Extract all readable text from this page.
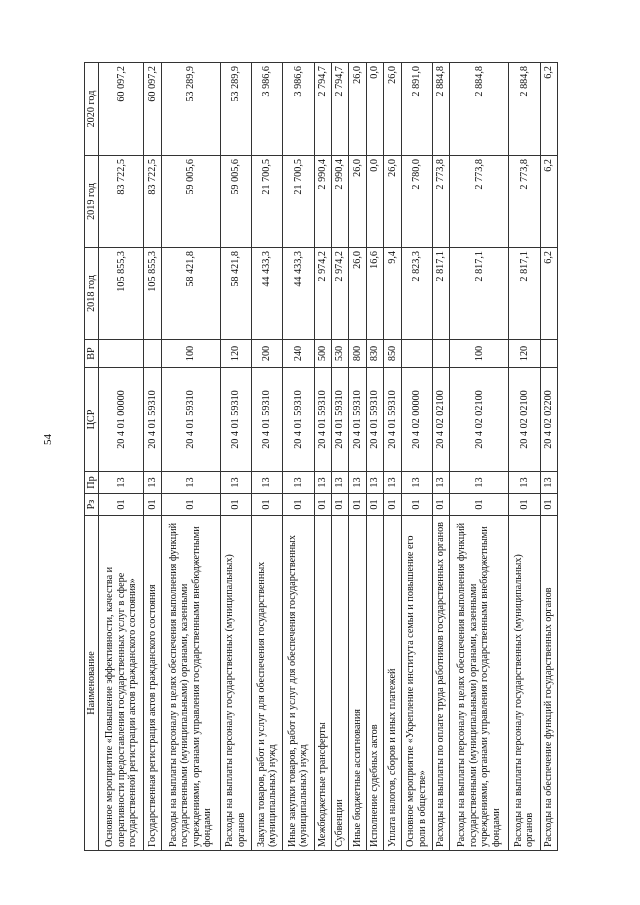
54
Наименование	Рз	Пр	ЦСР	ВР	2018 год	2019 год	2020 год
Основное мероприятие «Повышение эффективности, качества и оперативности предоставления государственных услуг в сфере государственной регистрации актов гражданского состояния»	01	13	20 4 01 00000		105 855,3	83 722,5	60 097,2
Государственная регистрация актов гражданского состояния	01	13	20 4 01 59310		105 855,3	83 722,5	60 097,2
Расходы на выплаты персоналу в целях обеспечения выполнения функций государственными (муниципальными) органами, казенными учреждениями, органами управления государственными внебюджетными фондами	01	13	20 4 01 59310	100	58 421,8	59 005,6	53 289,9
Расходы на выплаты персоналу государственных (муниципальных) органов	01	13	20 4 01 59310	120	58 421,8	59 005,6	53 289,9
Закупка товаров, работ и услуг для обеспечения государственных (муниципальных) нужд	01	13	20 4 01 59310	200	44 433,3	21 700,5	3 986,6
Иные закупки товаров, работ и услуг для обеспечения государственных (муниципальных) нужд	01	13	20 4 01 59310	240	44 433,3	21 700,5	3 986,6
Межбюджетные трансферты	01	13	20 4 01 59310	500	2 974,2	2 990,4	2 794,7
Субвенции	01	13	20 4 01 59310	530	2 974,2	2 990,4	2 794,7
Иные бюджетные ассигнования	01	13	20 4 01 59310	800	26,0	26,0	26,0
Исполнение судебных актов	01	13	20 4 01 59310	830	16,6	0,0	0,0
Уплата налогов, сборов и иных платежей	01	13	20 4 01 59310	850	9,4	26,0	26,0
Основное мероприятие «Укрепление института семьи и повышение его роли в обществе»	01	13	20 4 02 00000		2 823,3	2 780,0	2 891,0
Расходы на выплаты по оплате труда работников государственных органов	01	13	20 4 02 02100		2 817,1	2 773,8	2 884,8
Расходы на выплаты персоналу в целях обеспечения выполнения функций государственными (муниципальными) органами, казенными учреждениями, органами управления государственными внебюджетными фондами	01	13	20 4 02 02100	100	2 817,1	2 773,8	2 884,8
Расходы на выплаты персоналу государственных (муниципальных) органов	01	13	20 4 02 02100	120	2 817,1	2 773,8	2 884,8
Расходы на обеспечение функций государственных органов	01	13	20 4 02 02200		6,2	6,2	6,2
